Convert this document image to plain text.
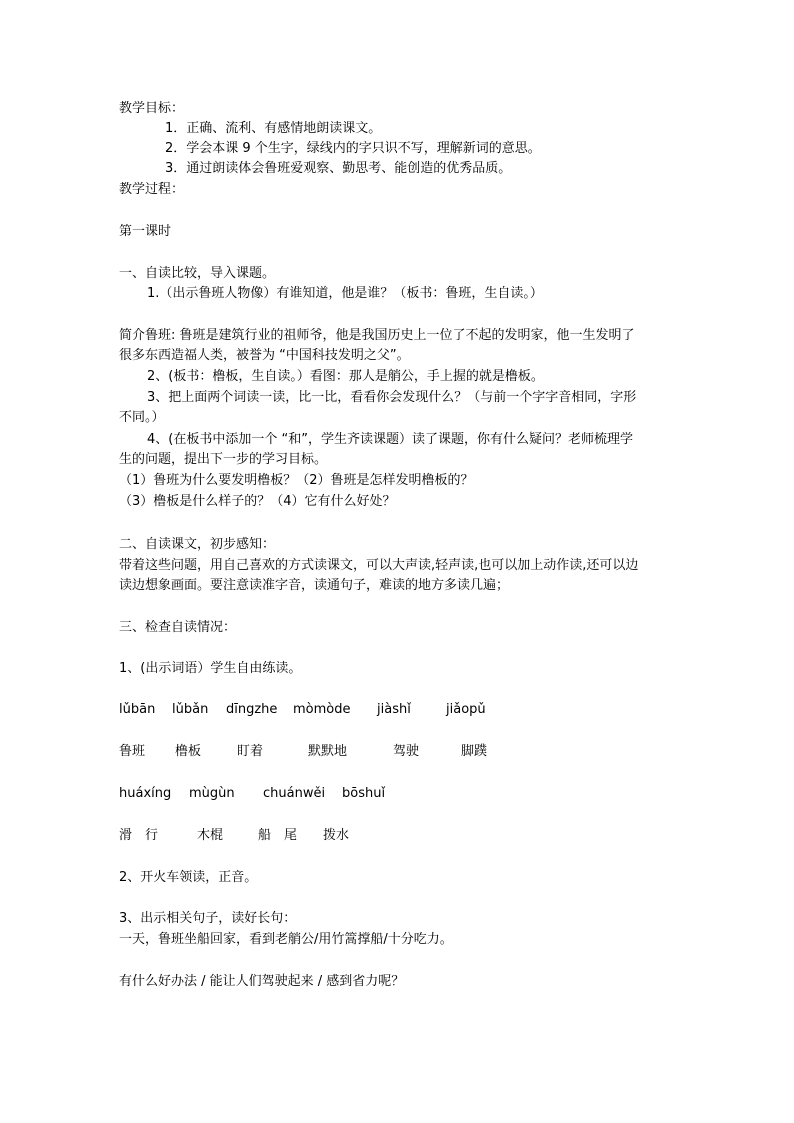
教学目标：
1．正确、流利、有感情地朗读课文。
2．学会本课 9 个生字，绿线内的字只识不写，理解新词的意思。
3．通过朗读体会鲁班爱观察、勤思考、能创造的优秀品质。
教学过程：
第一课时
一、自读比较，导入课题。
1.（出示鲁班人物像）有谁知道，他是谁？（板书：鲁班，生自读。）
简介鲁班: 鲁班是建筑行业的祖师爷，他是我国历史上一位了不起的发明家，他一生发明了
很多东西造福人类，被誉为 “中国科技发明之父”。
2、(板书：橹板，生自读。）看图：那人是艄公，手上握的就是橹板。
3、把上面两个词读一读，比一比，看看你会发现什么？（与前一个字字音相同，字形
不同。）
4、(在板书中添加一个 “和”，学生齐读课题）读了课题，你有什么疑问？老师梳理学
生的问题，提出下一步的学习目标。
（1）鲁班为什么要发明橹板？（2）鲁班是怎样发明橹板的？
（3）橹板是什么样子的？（4）它有什么好处？
二、自读课文，初步感知：
带着这些问题，用自己喜欢的方式读课文，可以大声读,轻声读,也可以加上动作读,还可以边
读边想象画面。要注意读准字音，读通句子，难读的地方多读几遍；
三、检查自读情况：
1、(出示词语）学生自由练读。
lǔbān lǔbǎn dīngzhe mòmòde jiàshǐ	jiǎopǔ
鲁班 橹板	盯着	默默地	驾驶	脚蹼
huáxíng mùgùn chuánwěi bōshuǐ
滑　行	木棍	船　尾 拨水
2、开火车领读，正音。
3、出示相关句子，读好长句：
一天，鲁班坐船回家，看到老艄公/用竹篙撑船/十分吃力。
有什么好办法 / 能让人们驾驶起来 / 感到省力呢？
